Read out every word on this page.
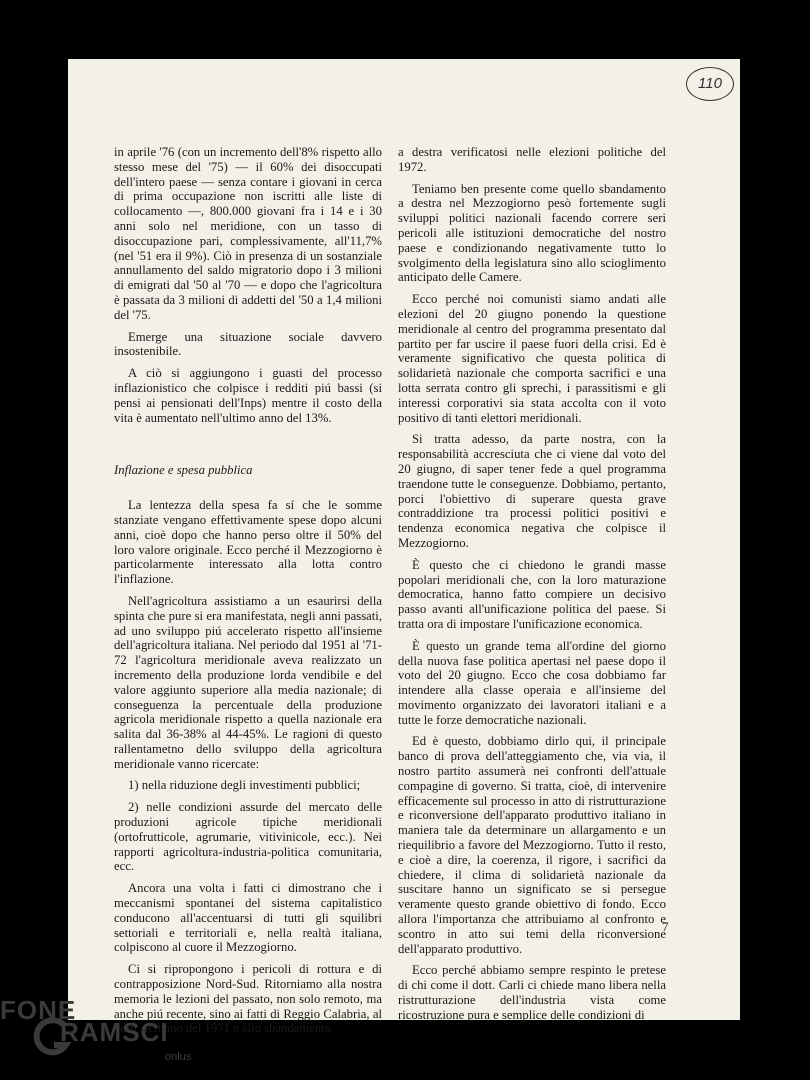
110

in aprile '76 (con un incremento dell'8% rispetto allo stesso mese del '75) — il 60% dei disoccupati dell'intero paese — senza contare i giovani in cerca di prima occupazione non iscritti alle liste di collocamento —, 800.000 giovani fra i 14 e i 30 anni solo nel meridione, con un tasso di disoccupazione pari, complessivamente, all'11,7% (nel '51 era il 9%). Ciò in presenza di un sostanziale annullamento del saldo migratorio dopo i 3 milioni di emigrati dal '50 al '70 — e dopo che l'agricoltura è passata da 3 milioni di addetti del '50 a 1,4 milioni del '75.

Emerge una situazione sociale davvero insostenibile.

A ciò si aggiungono i guasti del processo inflazionistico che colpisce i redditi piú bassi (si pensi ai pensionati dell'Inps) mentre il costo della vita è aumentato nell'ultimo anno del 13%.

Inflazione e spesa pubblica

La lentezza della spesa fa sí che le somme stanziate vengano effettivamente spese dopo alcuni anni, cioè dopo che hanno perso oltre il 50% del loro valore originale. Ecco perché il Mezzogiorno è particolarmente interessato alla lotta contro l'inflazione.

Nell'agricoltura assistiamo a un esaurirsi della spinta che pure si era manifestata, negli anni passati, ad uno sviluppo piú accelerato rispetto all'insieme dell'agricoltura italiana. Nel periodo dal 1951 al '71-72 l'agricoltura meridionale aveva realizzato un incremento della produzione lorda vendibile e del valore aggiunto superiore alla media nazionale; di conseguenza la percentuale della produzione agricola meridionale rispetto a quella nazionale era salita dal 36-38% al 44-45%. Le ragioni di questo rallentametno dello sviluppo della agricoltura meridionale vanno ricercate:

1) nella riduzione degli investimenti pubblici;

2) nelle condizioni assurde del mercato delle produzioni agricole tipiche meridionali (ortofrutticole, agrumarie, vitivinicole, ecc.). Nei rapporti agricoltura-industria-politica comunitaria, ecc.

Ancora una volta i fatti ci dimostrano che i meccanismi spontanei del sistema capitalistico conducono all'accentuarsi di tutti gli squilibri settoriali e territoriali e, nella realtà italiana, colpiscono al cuore il Mezzogiorno.

Ci si ripropongono i pericoli di rottura e di contrapposizione Nord-Sud. Ritorniamo alla nostra memoria le lezioni del passato, non solo remoto, ma anche piú recente, sino ai fatti di Reggio Calabria, al voto siciliano del 1971 e allo sbandamento

a destra verificatosi nelle elezioni politiche del 1972.

Teniamo ben presente come quello sbandamento a destra nel Mezzogiorno pesò fortemente sugli sviluppi politici nazionali facendo correre seri pericoli alle istituzioni democratiche del nostro paese e condizionando negativamente tutto lo svolgimento della legislatura sino allo scioglimento anticipato delle Camere.

Ecco perché noi comunisti siamo andati alle elezioni del 20 giugno ponendo la questione meridionale al centro del programma presentato dal partito per far uscire il paese fuori della crisi. Ed è veramente significativo che questa politica di solidarietà nazionale che comporta sacrifici e una lotta serrata contro gli sprechi, i parassitismi e gli interessi corporativi sia stata accolta con il voto positivo di tanti elettori meridionali.

Si tratta adesso, da parte nostra, con la responsabilità accresciuta che ci viene dal voto del 20 giugno, di saper tener fede a quel programma traendone tutte le conseguenze. Dobbiamo, pertanto, porci l'obiettivo di superare questa grave contraddizione tra processi politici positivi e tendenza economica negativa che colpisce il Mezzogiorno.

È questo che ci chiedono le grandi masse popolari meridionali che, con la loro maturazione democratica, hanno fatto compiere un decisivo passo avanti all'unificazione politica del paese. Si tratta ora di impostare l'unificazione economica.

È questo un grande tema all'ordine del giorno della nuova fase politica apertasi nel paese dopo il voto del 20 giugno. Ecco che cosa dobbiamo far intendere alla classe operaia e all'insieme del movimento organizzato dei lavoratori italiani e a tutte le forze democratiche nazionali.

Ed è questo, dobbiamo dirlo qui, il principale banco di prova dell'atteggiamento che, via via, il nostro partito assumerà nei confronti dell'attuale compagine di governo. Si tratta, cioè, di intervenire efficacemente sul processo in atto di ristrutturazione e riconversione dell'apparato produttivo italiano in maniera tale da determinare un allargamento e un riequilibrio a favore del Mezzogiorno. Tutto il resto, e cioè a dire, la coerenza, il rigore, i sacrifici da chiedere, il clima di solidarietà nazionale da suscitare hanno un significato se si persegue veramente questo grande obiettivo di fondo. Ecco allora l'importanza che attribuiamo al confronto e scontro in atto sui temi della riconversione dell'apparato produttivo.

Ecco perché abbiamo sempre respinto le pretese di chi come il dott. Carli ci chiede mano libera nella ristrutturazione dell'industria vista come ricostruzione pura e semplice delle condizioni di

7
FONE
RAMSCI
onlus
